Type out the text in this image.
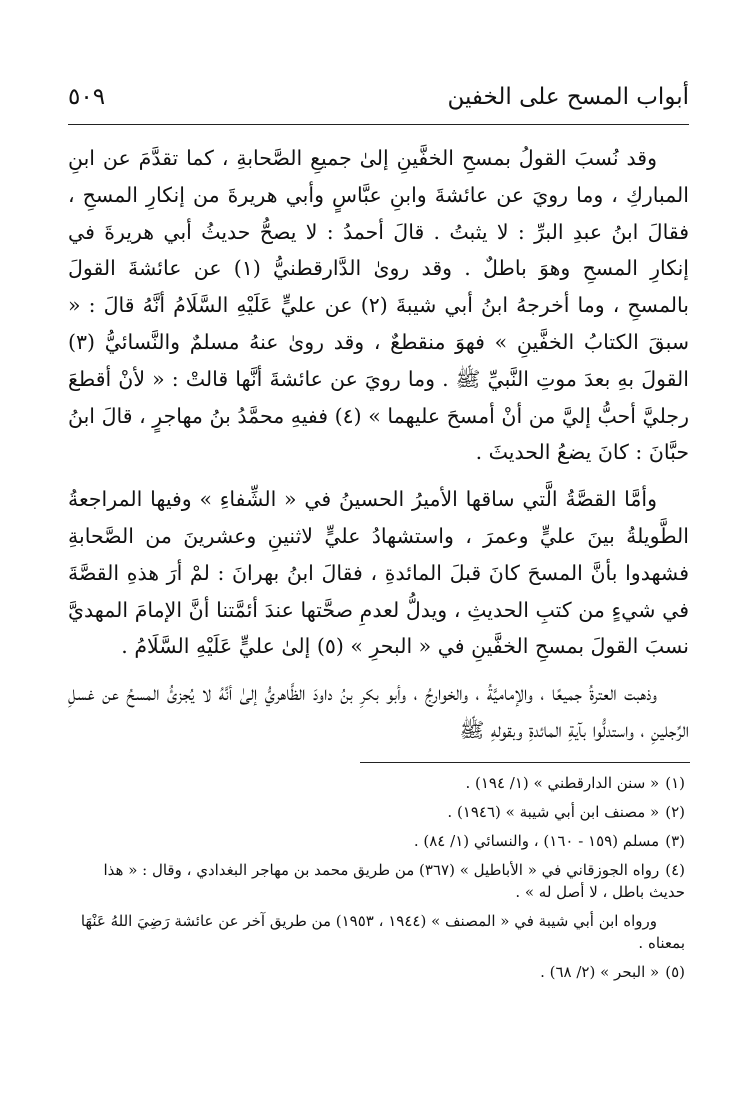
أبواب المسح على الخفين
٥٠٩

وقد نُسبَ القولُ بمسحِ الخفَّينِ إلىٰ جميعِ الصَّحابةِ ، كما تقدَّمَ عن ابنِ المباركِ ، وما رويَ عن عائشةَ وابنِ عبَّاسٍ وأبي هريرةَ من إنكارِ المسحِ ، فقالَ ابنُ عبدِ البرِّ : لا يثبتُ . قالَ أحمدُ : لا يصحُّ حديثُ أبي هريرةَ في إنكارِ المسحِ وهوَ باطلٌ . وقد روىٰ الدَّارقطنيُّ (١) عن عائشةَ القولَ بالمسحِ ، وما أخرجهُ ابنُ أبي شيبةَ (٢) عن عليٍّ عَلَيْهِ السَّلَامُ أنَّهُ قالَ : « سبقَ الكتابُ الخفَّينِ » فهوَ منقطعٌ ، وقد روىٰ عنهُ مسلمٌ والنَّسائيُّ (٣) القولَ بهِ بعدَ موتِ النَّبيِّ ﷺ . وما رويَ عن عائشةَ أنَّها قالتْ : « لأنْ أقطعَ رجليَّ أحبُّ إليَّ من أنْ أمسحَ عليهما » (٤) ففيهِ محمَّدُ بنُ مهاجرٍ ، قالَ ابنُ حبَّانَ : كانَ يضعُ الحديثَ .

وأمَّا القصَّةُ الَّتي ساقها الأميرُ الحسينُ في « الشِّفاءِ » وفيها المراجعةُ الطَّويلةُ بينَ عليٍّ وعمرَ ، واستشهادُ عليٍّ لاثنينِ وعشرينَ من الصَّحابةِ فشهدوا بأنَّ المسحَ كانَ قبلَ المائدةِ ، فقالَ ابنُ بهرانَ : لمْ أرَ هذهِ القصَّةَ في شيءٍ من كتبِ الحديثِ ، ويدلُّ لعدمِ صحَّتها عندَ أئمَّتنا أنَّ الإمامَ المهديَّ نسبَ القولَ بمسحِ الخفَّينِ في « البحرِ » (٥) إلىٰ عليٍّ عَلَيْهِ السَّلَامُ .

وذهبت العترةُ جميعًا ، والإماميَّةُ ، والخوارجُ ، وأبو بكرِ بنُ داودَ الظَّاهريُّ إلىٰ أنَّهُ لا يُجزئُ المسحُ عن غسلِ الرِّجلينِ ، واستدلُّوا بآيةِ المائدةِ وبقولهِ ﷺ

(١)« سنن الدارقطني » (١/ ١٩٤) .
(٢)« مصنف ابن أبي شيبة » (١٩٤٦) .
(٣)مسلم (١٥٩ - ١٦٠) ، والنسائي (١/ ٨٤) .
(٤)رواه الجوزقاني في « الأباطيل » (٣٦٧) من طريق محمد بن مهاجر البغدادي ، وقال : « هذا حديث باطل ، لا أصل له » .
ورواه ابن أبي شيبة في « المصنف » (١٩٤٤ ، ١٩٥٣) من طريق آخر عن عائشة رَضِيَ اللهُ عَنْهَا بمعناه .
(٥)« البحر » (٢/ ٦٨) .
